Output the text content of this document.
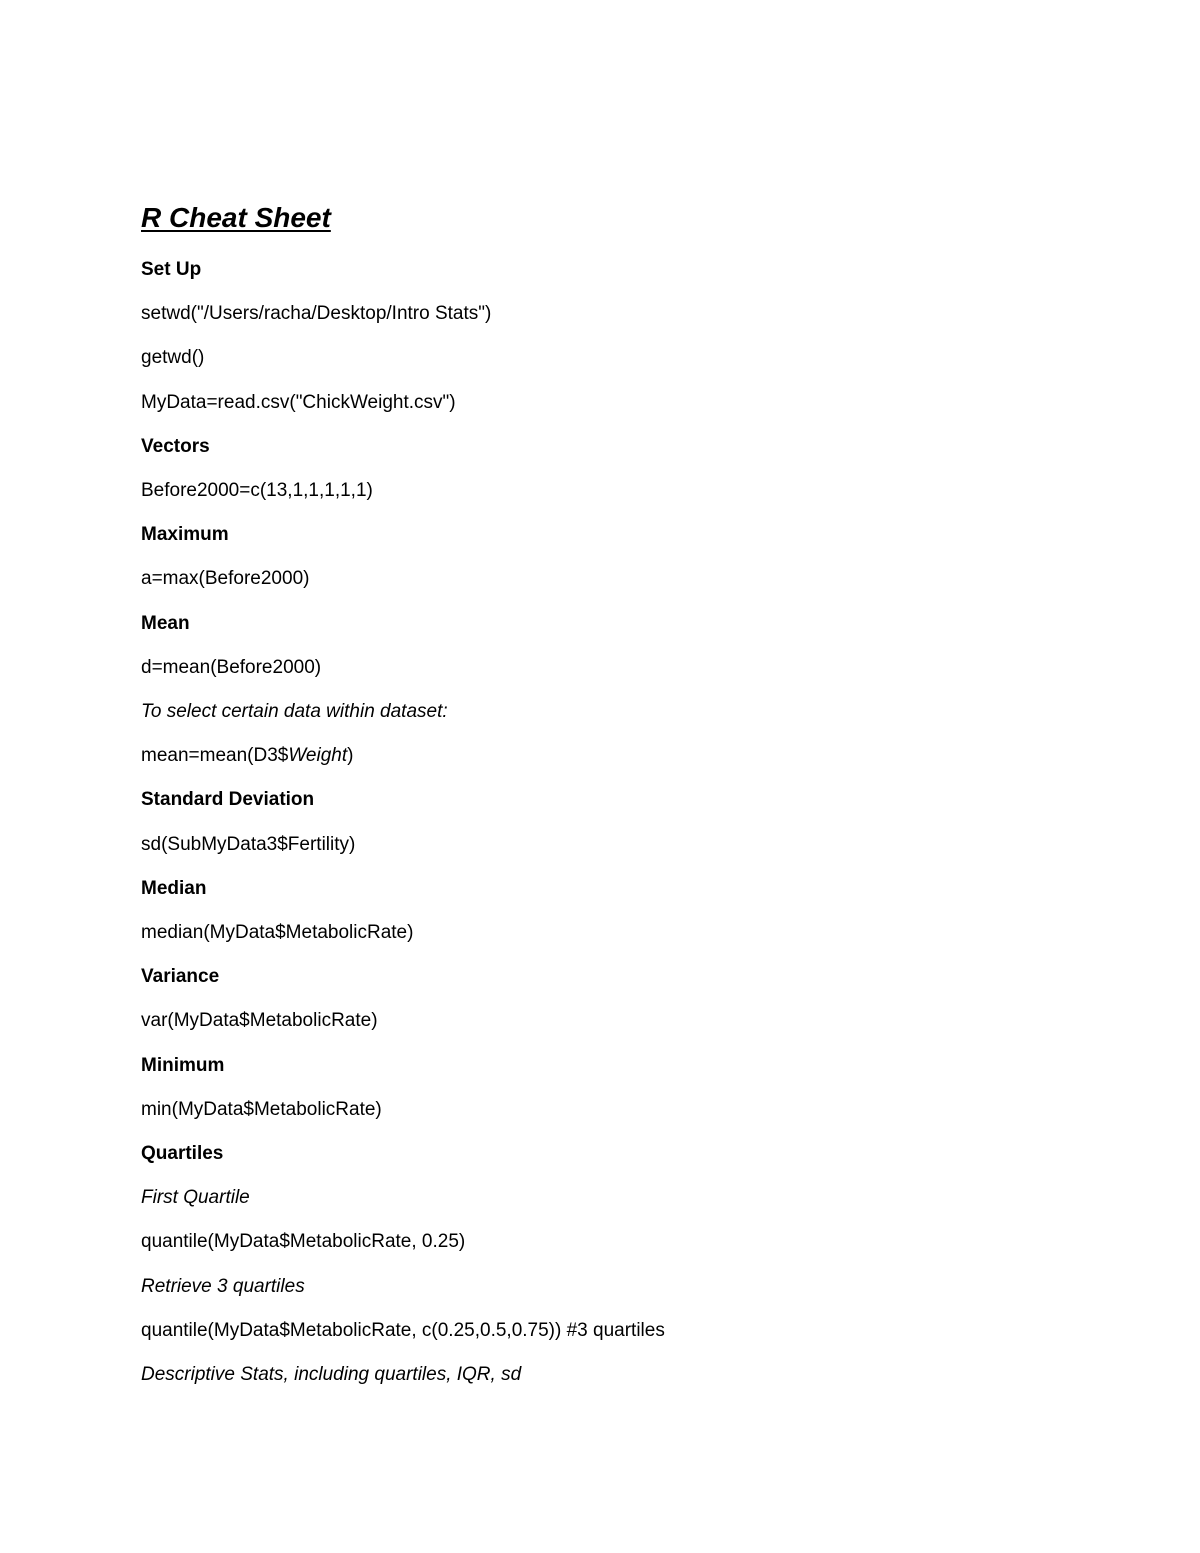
R Cheat Sheet
Set Up
setwd("/Users/racha/Desktop/Intro Stats")
getwd()
MyData=read.csv("ChickWeight.csv")
Vectors
Before2000=c(13,1,1,1,1,1)
Maximum
a=max(Before2000)
Mean
d=mean(Before2000)
To select certain data within dataset:
mean=mean(D3$Weight)
Standard Deviation
sd(SubMyData3$Fertility)
Median
median(MyData$MetabolicRate)
Variance
var(MyData$MetabolicRate)
Minimum
min(MyData$MetabolicRate)
Quartiles
First Quartile
quantile(MyData$MetabolicRate, 0.25)
Retrieve 3 quartiles
quantile(MyData$MetabolicRate, c(0.25,0.5,0.75)) #3 quartiles
Descriptive Stats, including quartiles, IQR, sd
